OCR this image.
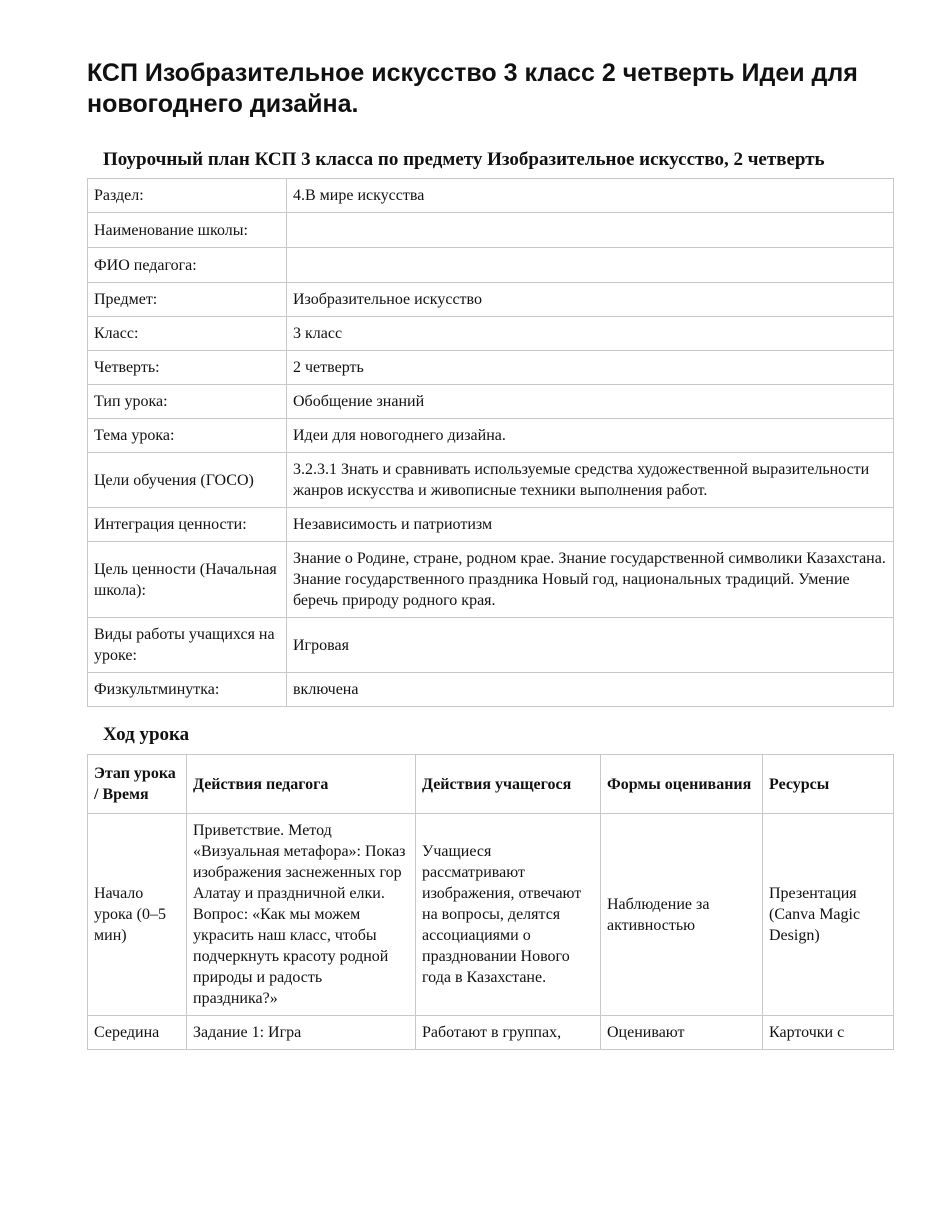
КСП Изобразительное искусство 3 класс 2 четверть Идеи для новогоднего дизайна.
Поурочный план КСП 3 класса по предмету Изобразительное искусство, 2 четверть
Раздел:	4.В мире искусства
Наименование школы:	
ФИО педагога:	
Предмет:	Изобразительное искусство
Класс:	3 класс
Четверть:	2 четверть
Тип урока:	Обобщение знаний
Тема урока:	Идеи для новогоднего дизайна.
Цели обучения (ГОСО)	3.2.3.1 Знать и сравнивать используемые средства художественной выразительности жанров искусства и живописные техники выполнения работ.
Интеграция ценности:	Независимость и патриотизм
Цель ценности (Начальная школа):	Знание о Родине, стране, родном крае. Знание государственной символики Казахстана. Знание государственного праздника Новый год, национальных традиций. Умение беречь природу родного края.
Виды работы учащихся на уроке:	Игровая
Физкультминутка:	включена
Ход урока
Этап урока / Время	Действия педагога	Действия учащегося	Формы оценивания	Ресурсы
Начало урока (0–5 мин)	Приветствие. Метод «Визуальная метафора»: Показ изображения заснеженных гор Алатау и праздничной елки. Вопрос: «Как мы можем украсить наш класс, чтобы подчеркнуть красоту родной природы и радость праздника?»	Учащиеся рассматривают изображения, отвечают на вопросы, делятся ассоциациями о праздновании Нового года в Казахстане.	Наблюдение за активностью	Презентация (Canva Magic Design)
Середина	Задание 1: Игра	Работают в группах,	Оценивают	Карточки с
